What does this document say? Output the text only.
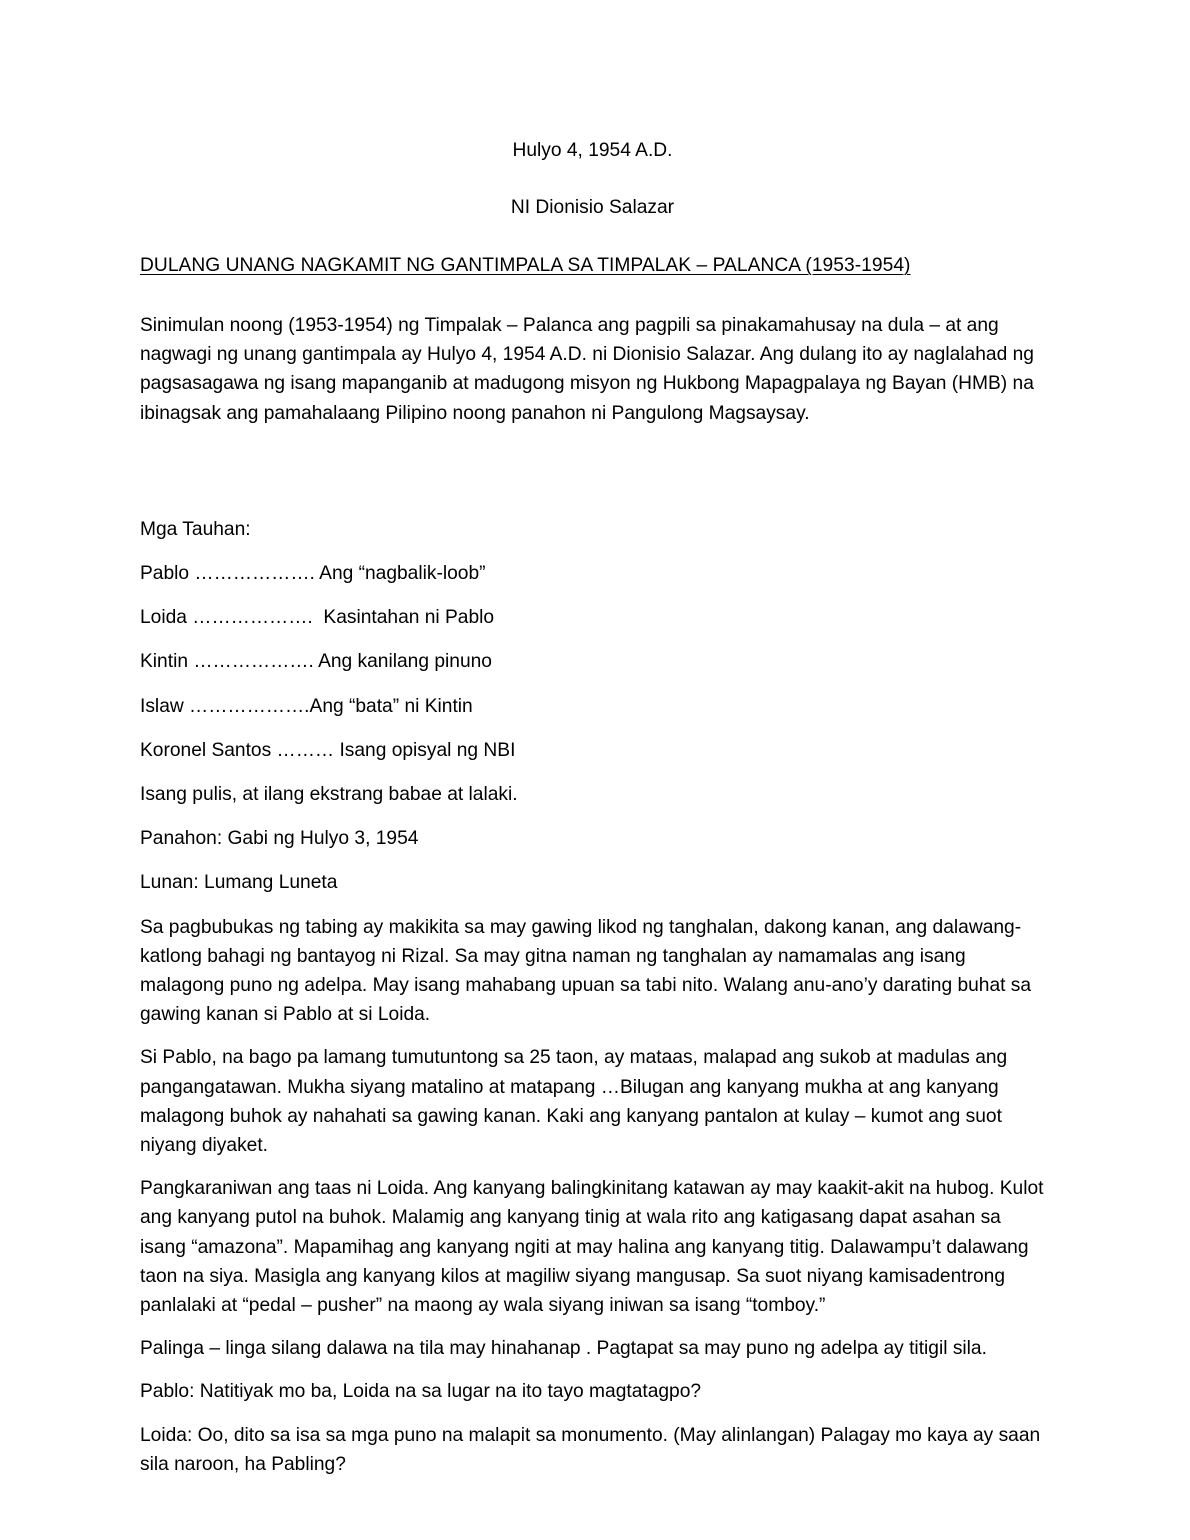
Hulyo 4, 1954 A.D.
NI Dionisio Salazar
DULANG UNANG NAGKAMIT NG GANTIMPALA SA TIMPALAK – PALANCA (1953-1954)

Sinimulan noong (1953-1954) ng Timpalak – Palanca ang pagpili sa pinakamahusay na dula – at ang nagwagi ng unang gantimpala ay Hulyo 4, 1954 A.D. ni Dionisio Salazar. Ang dulang ito ay naglalahad ng pagsasagawa ng isang mapanganib at madugong misyon ng Hukbong Mapagpalaya ng Bayan (HMB) na ibinagsak ang pamahalaang Pilipino noong panahon ni Pangulong Magsaysay.

Mga Tauhan:
Pablo ………………. Ang “nagbalik-loob”
Loida ……………….  Kasintahan ni Pablo
Kintin ………………. Ang kanilang pinuno
Islaw ……………….Ang “bata” ni Kintin
Koronel Santos ……… Isang opisyal ng NBI
Isang pulis, at ilang ekstrang babae at lalaki.
Panahon: Gabi ng Hulyo 3, 1954
Lunan: Lumang Luneta

Sa pagbubukas ng tabing ay makikita sa may gawing likod ng tanghalan, dakong kanan, ang dalawang-katlong bahagi ng bantayog ni Rizal. Sa may gitna naman ng tanghalan ay namamalas ang isang malagong puno ng adelpa. May isang mahabang upuan sa tabi nito. Walang anu-ano’y darating buhat sa gawing kanan si Pablo at si Loida.

Si Pablo, na bago pa lamang tumutuntong sa 25 taon, ay mataas, malapad ang sukob at madulas ang pangangatawan. Mukha siyang matalino at matapang …Bilugan ang kanyang mukha at ang kanyang malagong buhok ay nahahati sa gawing kanan. Kaki ang kanyang pantalon at kulay – kumot ang suot niyang diyaket.

Pangkaraniwan ang taas ni Loida. Ang kanyang balingkinitang katawan ay may kaakit-akit na hubog. Kulot ang kanyang putol na buhok. Malamig ang kanyang tinig at wala rito ang katigasang dapat asahan sa isang “amazona”. Mapamihag ang kanyang ngiti at may halina ang kanyang titig. Dalawampu’t dalawang taon na siya. Masigla ang kanyang kilos at magiliw siyang mangusap. Sa suot niyang kamisadentrong panlalaki at “pedal – pusher” na maong ay wala siyang iniwan sa isang “tomboy.”

Palinga – linga silang dalawa na tila may hinahanap . Pagtapat sa may puno ng adelpa ay titigil sila.

Pablo: Natitiyak mo ba, Loida na sa lugar na ito tayo magtatagpo?

Loida: Oo, dito sa isa sa mga puno na malapit sa monumento. (May alinlangan) Palagay mo kaya ay saan sila naroon, ha Pabling?
